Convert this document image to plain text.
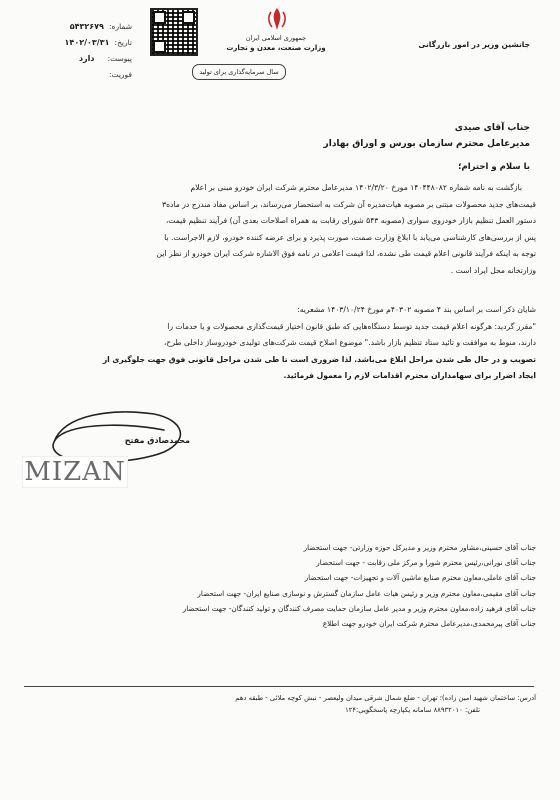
شماره: ۵۴۳۲۶۷۹
تاریخ: ۱۴۰۲/۰۳/۳۱
پیوست: دارد
فوریت:
جمهوری اسلامی ایران
وزارت صنعت، معدن و تجارت
سال سرمایه‌گذاری برای تولید
جانشین وزیر در امور بازرگانی
جناب آقای صیدی
مدیرعامل محترم سازمان بورس و اوراق بهادار
با سلام و احترام؛
بازگشت به نامه شماره ۱۴۰۴۴۸۰۸۲ مورخ ۱۴۰۲/۳/۲۰ مدیرعامل محترم شرکت ایران خودرو مبنی بر اعلام
قیمت‌های جدید محصولات مبتنی بر مصوبه هیات‌مدیره آن شرکت به استحضار می‌رساند، بر اساس مفاد مندرج در ماده۳
دستور العمل تنظیم بازار خودروی سواری (مصوبه ۵۴۳ شورای رقابت به همراه اصلاحات بعدی آن) فرآیند تنظیم قیمت،
پس از بررسی‌های کارشناسی می‌یابد با ابلاغ وزارت صمت، صورت پذیرد و برای عرضه کننده خودرو، لازم الاجراست. با
توجه به اینکه فرآیند قانونی اعلام قیمت طی نشده، لذا قیمت اعلامی در نامه فوق الاشاره شرکت ایران خودرو از نظر این
وزارتخانه محل ایراد است .
شایان ذکر است بر اساس بند ۴ مصوبه ۴۰۳۰۲م مورخ ۱۴۰۳/۱۰/۲۴ مشعریه:
"مقرر گردید: هرگونه اعلام قیمت جدید توسط دستگاه‌هایی که طبق قانون اختیار قیمت‌گذاری محصولات و یا خدمات را
دارند، منوط به موافقت و تائید ستاد تنظیم بازار باشد." موضوع اصلاح قیمت شرکت‌های تولیدی خودروساز داخلی طرح،
تصویب و در حال طی شدن مراحل ابلاغ می‌باشد. لذا ضروری است تا طی شدن مراحل قانونی فوق جهت جلوگیری از
ایجاد اضرار برای سهامداران محترم اقدامات لازم را معمول فرمائید.
محمدصادق مفتح
MIZAN
جناب آقای حسینی،مشاور محترم وزیر و مدیرکل حوزه وزارتی- جهت استحضار
جناب آقای نورانی،رئیس محترم شورا و مرکز ملی رقابت - جهت استحضار
جناب آقای عاملی،معاون محترم صنایع ماشین آلات و تجهیزات- جهت استحضار
جناب آقای مقیمی،معاون محترم وزیر و رئیس هیات عامل سازمان گسترش و نوسازی صنایع ایران- جهت استحضار
جناب آقای فرهید زاده،معاون محترم وزیر و مدیر عامل سازمان حمایت مصرف کنندگان و تولید کنندگان- جهت استحضار
جناب آقای پیرمحمدی،مدیرعامل محترم شرکت ایران خودرو جهت اطلاع
آدرس: ساختمان شهید امین زاده)؛ تهران - ضلع شمال شرقی میدان ولیعصر - نبش کوچه ملائی - طبقه دهم
تلفن: ۸۸۹۳۲۰۱۰ سامانه یکپارچه پاسخگویی:۱۲۴
